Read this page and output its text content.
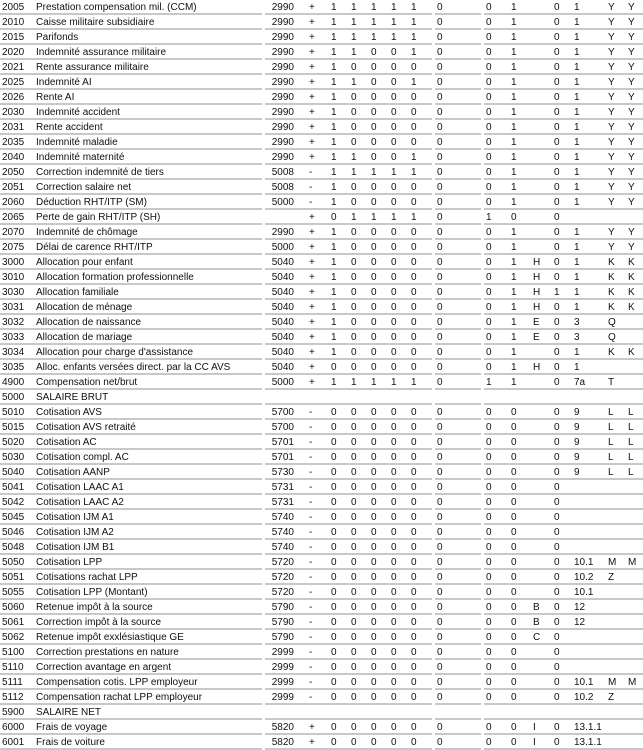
2005 Prestation compensation mil. (CCM)	2990 + 1 1 1 1 1 0	0 1	0 1	Y Y
2010 Caisse militaire subsidiaire	2990 + 1 1 1 1 1 0	0 1	0 1	Y Y
2015 Parifonds	2990 + 1 1 1 1 1 0	0 1	0 1	Y Y
2020 Indemnité assurance militaire	2990 + 1 1 0 0 1 0	0 1	0 1	Y Y
2021 Rente assurance militaire	2990 + 1 0 0 0 0 0	0 1	0 1	Y Y
2025 Indemnité AI	2990 + 1 1 0 0 1 0	0 1	0 1	Y Y
2026 Rente AI	2990 + 1 0 0 0 0 0	0 1	0 1	Y Y
2030 Indemnité accident	2990 + 1 0 0 0 0 0	0 1	0 1	Y Y
2031 Rente accident	2990 + 1 0 0 0 0 0	0 1	0 1	Y Y
2035 Indemnité maladie	2990 + 1 0 0 0 0 0	0 1	0 1	Y Y
2040 Indemnité maternité	2990 + 1 1 0 0 1 0	0 1	0 1	Y Y
2050 Correction indemnité de tiers	5008 - 1 1 1 1 1 0	0 1	0 1	Y Y
2051 Correction salaire net	5008 - 1 0 0 0 0 0	0 1	0 1	Y Y
2060 Déduction RHT/ITP (SM)	5000 - 1 0 0 0 0 0	0 1	0 1	Y Y
2065 Perte de gain RHT/ITP (SH)	+ 0 1 1 1 1 0	1 0	0
2070 Indemnité de chômage	2990 + 1 0 0 0 0 0	0 1	0 1	Y Y
2075 Délai de carence RHT/ITP	5000 + 1 0 0 0 0 0	0 1	0 1	Y Y
3000 Allocation pour enfant	5040 + 1 0 0 0 0 0	0 1 H 0 1	K K
3010 Allocation formation professionnelle	5040 + 1 0 0 0 0 0	0 1 H 0 1	K K
3030 Allocation familiale	5040 + 1 0 0 0 0 0	0 1 H 1 1	K K
3031 Allocation de ménage	5040 + 1 0 0 0 0 0	0 1 H 0 1	K K
3032 Allocation de naissance	5040 + 1 0 0 0 0 0	0 1 E 0 3	Q
3033 Allocation de mariage	5040 + 1 0 0 0 0 0	0 1 E 0 3	Q
3034 Allocation pour charge d'assistance	5040 + 1 0 0 0 0 0	0 1	0 1	K K
3035 Alloc. enfants versées direct. par la CC AVS	5040 + 0 0 0 0 0 0	0 1 H 0 1
4900 Compensation net/brut	5000 + 1 1 1 1 1 0	1 1	0 7a T
5000 SALAIRE BRUT
5010 Cotisation AVS	5700 - 0 0 0 0 0 0	0 0	0 9	L L
5015 Cotisation AVS retraité	5700 - 0 0 0 0 0 0	0 0	0 9	L L
5020 Cotisation AC	5701 - 0 0 0 0 0 0	0 0	0 9	L L
5030 Cotisation compl. AC	5701 - 0 0 0 0 0 0	0 0	0 9	L L
5040 Cotisation AANP	5730 - 0 0 0 0 0 0	0 0	0 9	L L
5041 Cotisation LAAC A1	5731 - 0 0 0 0 0 0	0 0	0
5042 Cotisation LAAC A2	5731 - 0 0 0 0 0 0	0 0	0
5045 Cotisation IJM A1	5740 - 0 0 0 0 0 0	0 0	0
5046 Cotisation IJM A2	5740 - 0 0 0 0 0 0	0 0	0
5048 Cotisation IJM B1	5740 - 0 0 0 0 0 0	0 0	0
5050 Cotisation LPP	5720 - 0 0 0 0 0 0	0 0	0 10.1 M M
5051 Cotisations rachat LPP	5720 - 0 0 0 0 0 0	0 0	0 10.2 Z
5055 Cotisation LPP (Montant)	5720 - 0 0 0 0 0 0	0 0	0 10.1
5060 Retenue impôt à la source	5790 - 0 0 0 0 0 0	0 0 B 0 12
5061 Correction impôt à la source	5790 - 0 0 0 0 0 0	0 0 B 0 12
5062 Retenue impôt exxlésiastique GE	5790 - 0 0 0 0 0 0	0 0 C 0
5100 Correction prestations en nature	2999 - 0 0 0 0 0 0	0 0	0
5110 Correction avantage en argent	2999 - 0 0 0 0 0 0	0 0	0
5111 Compensation cotis. LPP employeur	2999 - 0 0 0 0 0 0	0 0	0 10.1 M M
5112 Compensation rachat LPP employeur	2999 - 0 0 0 0 0 0	0 0	0 10.2 Z
5900 SALAIRE NET
6000 Frais de voyage	5820 + 0 0 0 0 0 0	0 0 I 0 13.1.1
6001 Frais de voiture	5820 + 0 0 0 0 0 0	0 0 I 0 13.1.1
